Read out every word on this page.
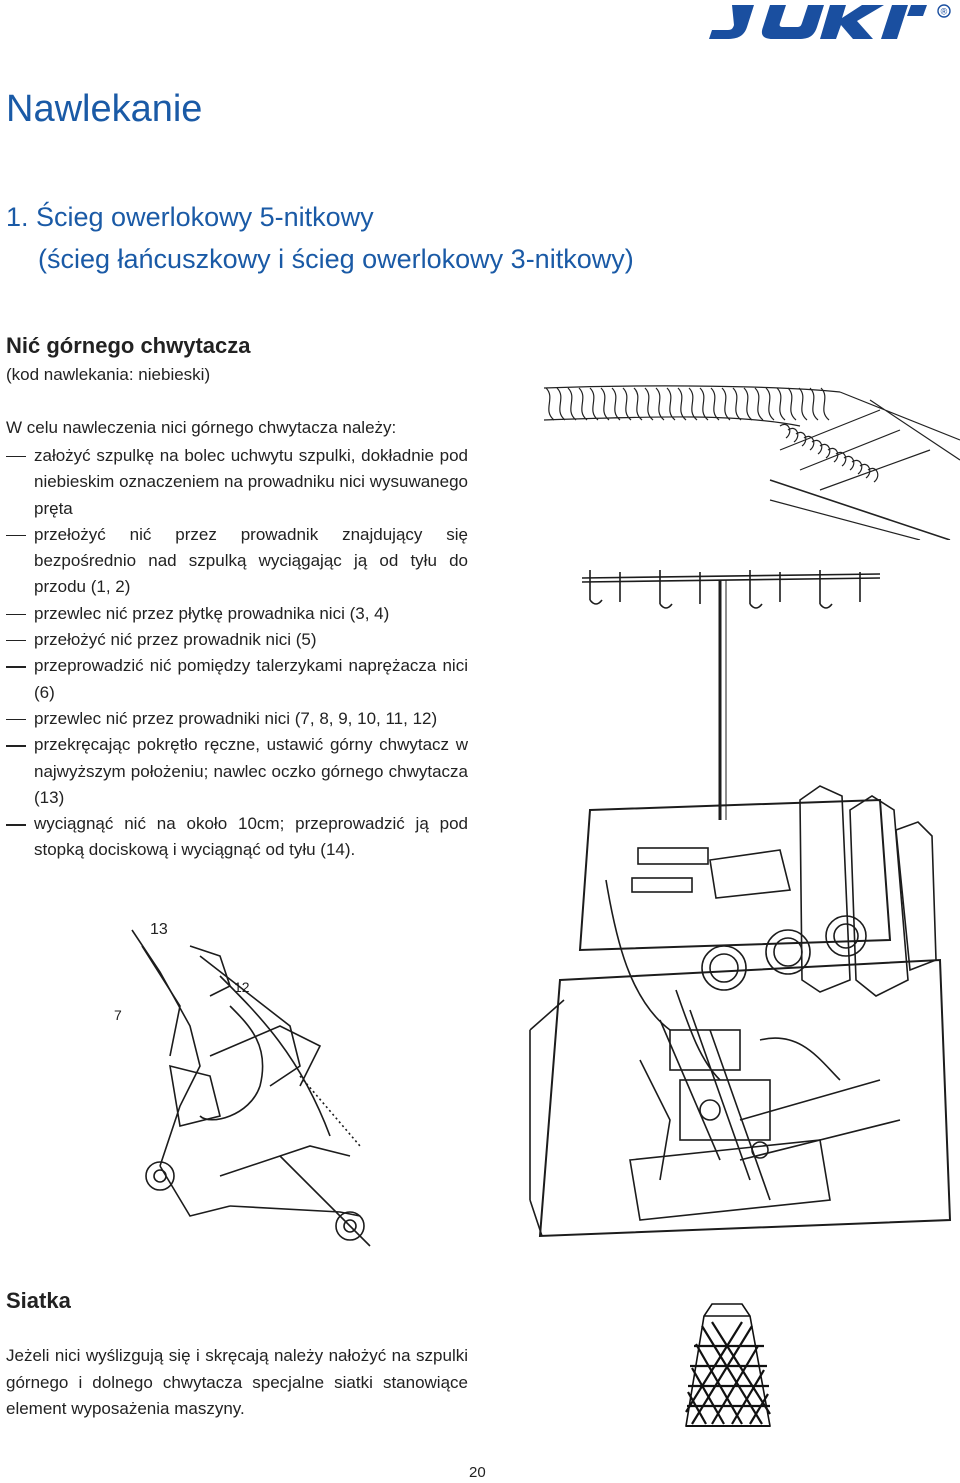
®
Nawlekanie
1. Ścieg owerlokowy 5-nitkowy
(ścieg łańcuszkowy i ścieg owerlokowy 3-nitkowy)
Nić górnego chwytacza
(kod nawlekania: niebieski)
W celu nawleczenia nici górnego chwytacza należy:
założyć szpulkę na bolec uchwytu szpulki, dokładnie pod niebieskim oznaczeniem na prowadniku nici wysuwanego pręta
przełożyć nić przez prowadnik znajdujący się bezpośrednio nad szpulką wyciągając ją od tyłu do przodu (1, 2)
przewlec nić przez płytkę prowadnika nici (3, 4)
przełożyć nić przez prowadnik nici (5)
przeprowadzić nić pomiędzy talerzykami naprężacza nici (6)
przewlec nić przez prowadniki nici (7, 8, 9, 10, 11, 12)
przekręcając pokrętło ręczne, ustawić górny chwytacz w najwyższym położeniu; nawlec oczko górnego chwytacza (13)
wyciągnąć nić na około 10cm; przeprowadzić ją pod stopką dociskową i wyciągnąć od tyłu (14).
13
12
7
Siatka
Jeżeli nici wyślizgują się i skręcają należy nałożyć na szpulki górnego i dolnego chwytacza specjalne siatki stanowiące element wyposażenia maszyny.
20
